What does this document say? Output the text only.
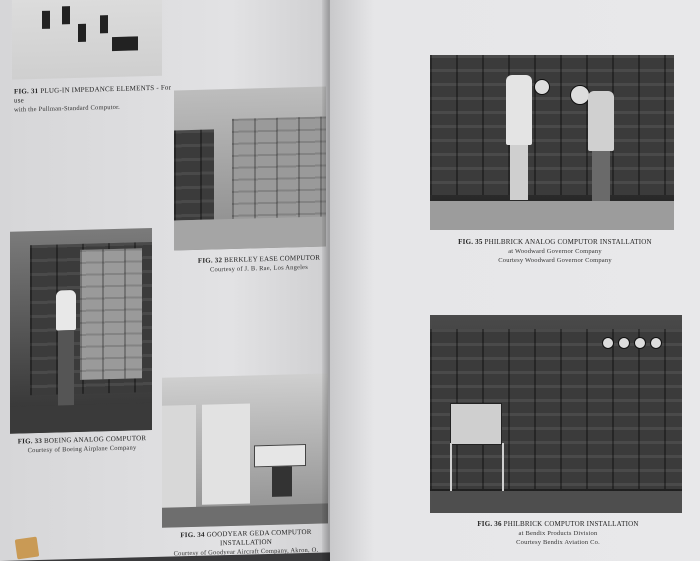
FIG. 31 PLUG-IN IMPEDANCE ELEMENTS - For use
with the Pullman-Standard Computor.
FIG. 32 BERKLEY EASE COMPUTOR
Courtesy of J. B. Rae, Los Angeles
FIG. 33 BOEING ANALOG COMPUTOR
Courtesy of Boeing Airplane Company
FIG. 34 GOODYEAR GEDA COMPUTOR INSTALLATION
Courtesy of Goodyear Aircraft Company, Akron, O.
FIG. 35 PHILBRICK ANALOG COMPUTOR INSTALLATION
at Woodward Governor Company
Courtesy Woodward Governor Company
FIG. 36 PHILBRICK COMPUTOR INSTALLATION
at Bendix Products Division
Courtesy Bendix Aviation Co.
